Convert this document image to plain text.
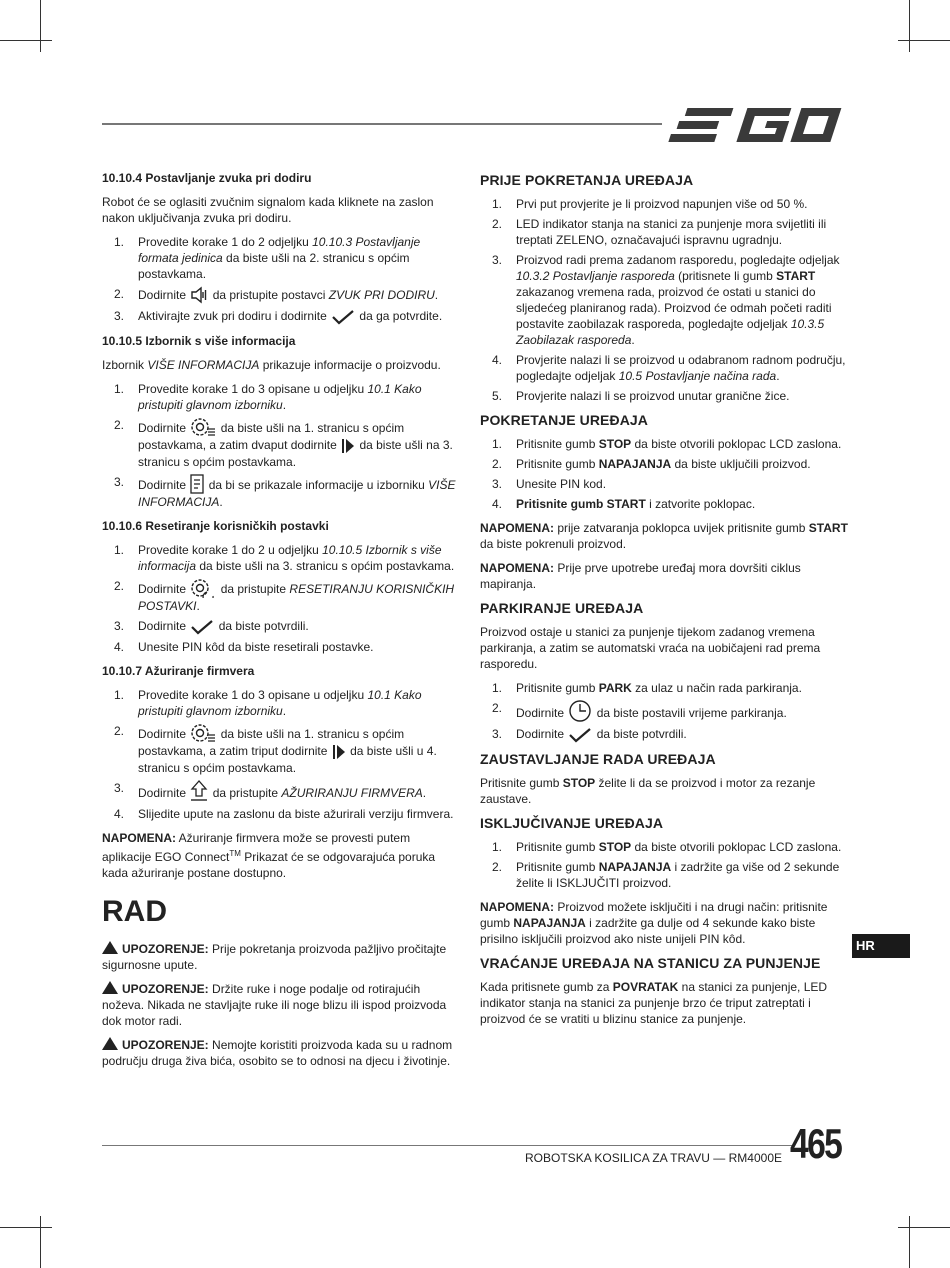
10.10.4 Postavljanje zvuka pri dodiru

Robot će se oglasiti zvučnim signalom kada kliknete na zaslon nakon uključivanja zvuka pri dodiru.

1. Provedite korake 1 do 2 odjeljku 10.10.3 Postavljanje formata jedinica da biste ušli na 2. stranicu s općim postavkama.
2. Dodirnite  da pristupite postavci ZVUK PRI DODIRU.
3. Aktivirajte zvuk pri dodiru i dodirnite  da ga potvrdite.
10.10.5 Izbornik s više informacija

Izbornik VIŠE INFORMACIJA prikazuje informacije o proizvodu.

1. Provedite korake 1 do 3 opisane u odjeljku 10.1 Kako pristupiti glavnom izborniku.
2. Dodirnite  da biste ušli na 1. stranicu s općim postavkama, a zatim dvaput dodirnite  da biste ušli na 3. stranicu s općim postavkama.
3. Dodirnite  da bi se prikazale informacije u izborniku VIŠE INFORMACIJA.
10.10.6 Resetiranje korisničkih postavki
1. Provedite korake 1 do 2 u odjeljku 10.10.5 Izbornik s više informacija da biste ušli na 3. stranicu s općim postavkama.
2. Dodirnite  da pristupite RESETIRANJU KORISNIČKIH POSTAVKI.
3. Dodirnite  da biste potvrdili.
4. Unesite PIN kôd da biste resetirali postavke.
10.10.7 Ažuriranje firmvera
1. Provedite korake 1 do 3 opisane u odjeljku 10.1 Kako pristupiti glavnom izborniku.
2. Dodirnite  da biste ušli na 1. stranicu s općim postavkama, a zatim triput dodirnite  da biste ušli u 4. stranicu s općim postavkama.
3. Dodirnite  da pristupite AŽURIRANJU FIRMVERA.
4. Slijedite upute na zaslonu da biste ažurirali verziju firmvera.

NAPOMENA: Ažuriranje firmvera može se provesti putem aplikacije EGO Connect™ Prikazat će se odgovarajuća poruka kada ažuriranje postane dostupno.

RAD

UPOZORENJE: Prije pokretanja proizvoda pažljivo pročitajte sigurnosne upute.

UPOZORENJE: Držite ruke i noge podalje od rotirajućih noževa. Nikada ne stavljajte ruke ili noge blizu ili ispod proizvoda dok motor radi.

UPOZORENJE: Nemojte koristiti proizvoda kada su u radnom području druga živa bića, osobito se to odnosi na djecu i životinje.

PRIJE POKRETANJA UREĐAJA
1. Prvi put provjerite je li proizvod napunjen više od 50 %.
2. LED indikator stanja na stanici za punjenje mora svijetliti ili treptati ZELENO, označavajući ispravnu ugradnju.
3. Proizvod radi prema zadanom rasporedu, pogledajte odjeljak 10.3.2 Postavljanje rasporeda (pritisnete li gumb START zakazanog vremena rada, proizvod će ostati u stanici do sljedećeg planiranog rada). Proizvod će odmah početi raditi postavite zaobilazak rasporeda, pogledajte odjeljak 10.3.5 Zaobilazak rasporeda.
4. Provjerite nalazi li se proizvod u odabranom radnom području, pogledajte odjeljak 10.5 Postavljanje načina rada.
5. Provjerite nalazi li se proizvod unutar granične žice.
POKRETANJE UREĐAJA
1. Pritisnite gumb STOP da biste otvorili poklopac LCD zaslona.
2. Pritisnite gumb NAPAJANJA da biste uključili proizvod.
3. Unesite PIN kod.
4. Pritisnite gumb START i zatvorite poklopac.

NAPOMENA: prije zatvaranja poklopca uvijek pritisnite gumb START da biste pokrenuli proizvod.

NAPOMENA: Prije prve upotrebe uređaj mora dovršiti ciklus mapiranja.

PARKIRANJE UREĐAJA

Proizvod ostaje u stanici za punjenje tijekom zadanog vremena parkiranja, a zatim se automatski vraća na uobičajeni rad prema rasporedu.

1. Pritisnite gumb PARK za ulaz u način rada parkiranja.
2. Dodirnite  da biste postavili vrijeme parkiranja.
3. Dodirnite  da biste potvrdili.
ZAUSTAVLJANJE RADA UREĐAJA

Pritisnite gumb STOP želite li da se proizvod i motor za rezanje zaustave.

ISKLJUČIVANJE UREĐAJA
1. Pritisnite gumb STOP da biste otvorili poklopac LCD zaslona.
2. Pritisnite gumb NAPAJANJA i zadržite ga više od 2 sekunde želite li ISKLJUČITI proizvod.

NAPOMENA: Proizvod možete isključiti i na drugi način: pritisnite gumb NAPAJANJA i zadržite ga dulje od 4 sekunde kako biste prisilno isključili proizvod ako niste unijeli PIN kôd.

VRAĆANJE UREĐAJA NA STANICU ZA PUNJENJE

Kada pritisnete gumb za POVRATAK na stanici za punjenje, LED indikator stanja na stanici za punjenje brzo će triput zatreptati i proizvod će se vratiti u blizinu stanice za punjenje.

HR
ROBOTSKA KOSILICA ZA TRAVU — RM4000E 465
